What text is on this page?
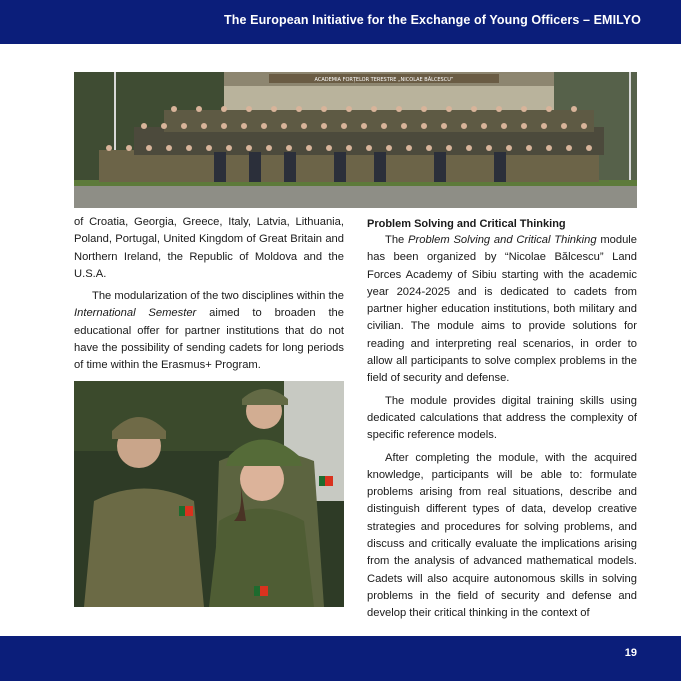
The European Initiative for the Exchange of Young Officers – EMILYO
ACADEMIA FORȚELOR TERESTRE „NICOLAE BĂLCESCU”

of Croatia, Georgia, Greece, Italy, Latvia, Lithuania, Poland, Portugal, United Kingdom of Great Britain and Northern Ireland, the Republic of Moldova and the U.S.A.

The modularization of the two disciplines within the International Semester aimed to broaden the educational offer for partner institutions that do not have the possibility of sending cadets for long periods of time within the Erasmus+ Program.

Problem Solving and Critical Thinking

The Problem Solving and Critical Thinking module has been organized by “Nicolae Bălcescu” Land Forces Academy of Sibiu starting with the academic year 2024-2025 and is dedicated to cadets from partner higher education institutions, both military and civilian. The module aims to provide solutions for reading and interpreting real scenarios, in order to allow all participants to solve complex problems in the field of security and defense.

The module provides digital training skills using dedicated calculations that address the complexity of specific reference models.

After completing the module, with the acquired knowledge, participants will be able to: formulate problems arising from real situations, describe and distinguish different types of data, develop creative strategies and procedures for solving problems, and discuss and critically evaluate the implications arising from the analysis of advanced mathematical models. Cadets will also acquire autonomous skills in solving problems in the field of security and defense and develop their critical thinking in the context of

19
